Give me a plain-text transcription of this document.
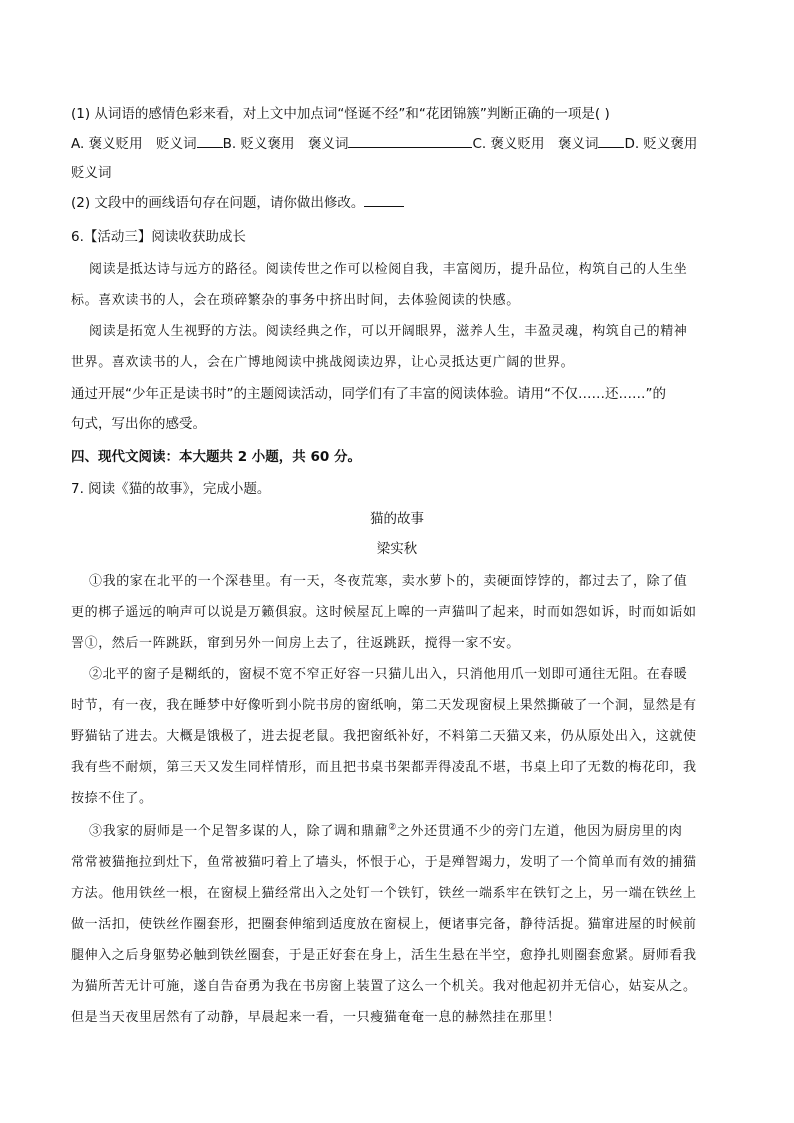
(1) 从词语的感情色彩来看，对上文中加点词“怪诞不经”和“花团锦簇”判断正确的一项是( )
A. 褒义贬用　贬义词 B. 贬义褒用　褒义词	C. 褒义贬用　褒义词 D. 贬义褒用
贬义词
(2) 文段中的画线语句存在问题，请你做出修改。
6.【活动三】阅读收获助成长
阅读是抵达诗与远方的路径。阅读传世之作可以检阅自我，丰富阅历，提升品位，构筑自己的人生坐
标。喜欢读书的人，会在琐碎繁杂的事务中挤出时间，去体验阅读的快感。
阅读是拓宽人生视野的方法。阅读经典之作，可以开阔眼界，滋养人生，丰盈灵魂，构筑自己的精神
世界。喜欢读书的人，会在广博地阅读中挑战阅读边界，让心灵抵达更广阔的世界。
通过开展“少年正是读书时”的主题阅读活动，同学们有了丰富的阅读体验。请用“不仅……还……”的
句式，写出你的感受。
四、现代文阅读：本大题共 2 小题，共 60 分。
7. 阅读《猫的故事》，完成小题。
猫的故事
梁实秋
①我的家在北平的一个深巷里。有一天，冬夜荒寒，卖水萝卜的，卖硬面饽饽的，都过去了，除了值
更的梆子遥远的响声可以说是万籁俱寂。这时候屋瓦上嗥的一声猫叫了起来，时而如怨如诉，时而如诟如
詈①，然后一阵跳跃，窜到另外一间房上去了，往返跳跃，搅得一家不安。
②北平的窗子是糊纸的，窗棂不宽不窄正好容一只猫儿出入，只消他用爪一划即可通往无阻。在春暖
时节，有一夜，我在睡梦中好像听到小院书房的窗纸响，第二天发现窗棂上果然撕破了一个洞，显然是有
野猫钻了进去。大概是饿极了，进去捉老鼠。我把窗纸补好，不料第二天猫又来，仍从原处出入，这就使
我有些不耐烦，第三天又发生同样情形，而且把书桌书架都弄得凌乱不堪，书桌上印了无数的梅花印，我
按捺不住了。
③我家的厨师是一个足智多谋的人，除了调和鼎鼐②之外还贯通不少的旁门左道，他因为厨房里的肉
常常被猫拖拉到灶下，鱼常被猫叼着上了墙头，怀恨于心，于是殚智竭力，发明了一个简单而有效的捕猫
方法。他用铁丝一根，在窗棂上猫经常出入之处钉一个铁钉，铁丝一端系牢在铁钉之上，另一端在铁丝上
做一活扣，使铁丝作圈套形，把圈套伸缩到适度放在窗棂上，便诸事完备，静待活捉。猫窜进屋的时候前
腿伸入之后身躯势必触到铁丝圈套，于是正好套在身上，活生生悬在半空，愈挣扎则圈套愈紧。厨师看我
为猫所苦无计可施，遂自告奋勇为我在书房窗上装置了这么一个机关。我对他起初并无信心，姑妄从之。
但是当天夜里居然有了动静，早晨起来一看，一只瘦猫奄奄一息的赫然挂在那里！
